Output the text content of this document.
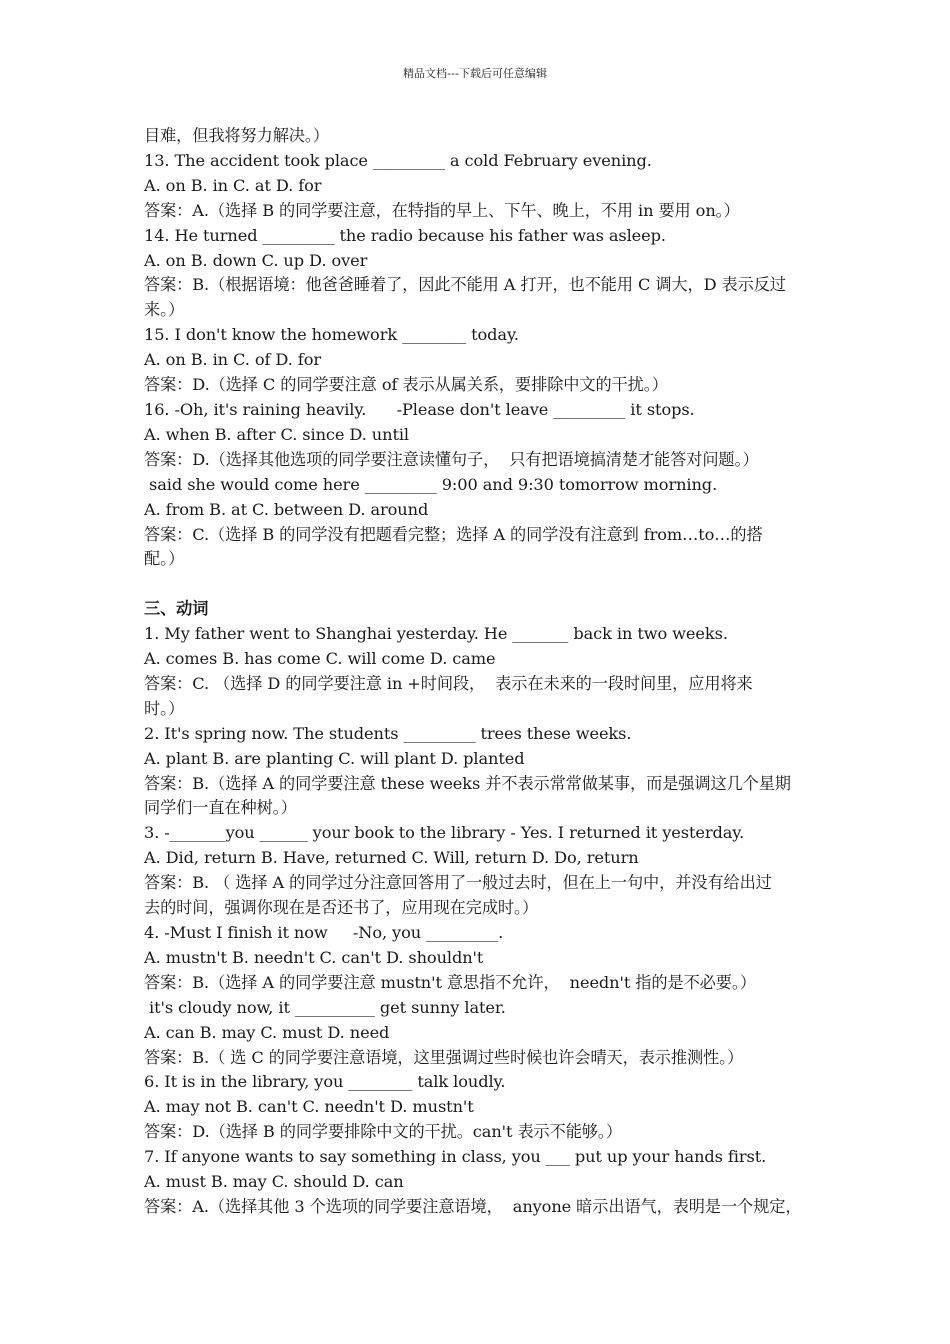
精品文档---下载后可任意编辑
目难，但我将努力解决。）
13. The accident took place _________ a cold February evening.
A. on B. in C. at D. for
答案：A.（选择 B 的同学要注意，在特指的早上、下午、晚上，不用 in 要用 on。）
14. He turned _________ the radio because his father was asleep.
A. on B. down C. up D. over
答案：B.（根据语境：他爸爸睡着了，因此不能用 A 打开，也不能用 C 调大，D 表示反过
来。）
15. I don't know the homework ________ today.
A. on B. in C. of D. for
答案：D.（选择 C 的同学要注意 of 表示从属关系，要排除中文的干扰。）
16. -Oh, it's raining heavily.      -Please don't leave _________ it stops.
A. when B. after C. since D. until
答案：D.（选择其他选项的同学要注意读懂句子，  只有把语境搞清楚才能答对问题。）
said she would come here _________ 9:00 and 9:30 tomorrow morning.
A. from B. at C. between D. around
答案：C.（选择 B 的同学没有把题看完整；选择 A 的同学没有注意到 from…to…的搭
配。）
三、动词
1. My father went to Shanghai yesterday. He _______ back in two weeks.
A. comes B. has come C. will come D. came
答案：C. （选择 D 的同学要注意 in +时间段，  表示在未来的一段时间里，应用将来
时。）
2. It's spring now. The students _________ trees these weeks.
A. plant B. are planting C. will plant D. planted
答案：B.（选择 A 的同学要注意 these weeks 并不表示常常做某事，而是强调这几个星期
同学们一直在种树。）
3. -_______you ______ your book to the library - Yes. I returned it yesterday.
A. Did, return B. Have, returned C. Will, return D. Do, return
答案：B. （ 选择 A 的同学过分注意回答用了一般过去时，但在上一句中，并没有给出过
去的时间，强调你现在是否还书了，应用现在完成时。）
4. -Must I finish it now     -No, you _________.
A. mustn't B. needn't C. can't D. shouldn't
答案：B.（选择 A 的同学要注意 mustn't 意思指不允许，  needn't 指的是不必要。）
it's cloudy now, it __________ get sunny later.
A. can B. may C. must D. need
答案：B.（ 选 C 的同学要注意语境，这里强调过些时候也许会晴天，表示推测性。）
6. It is in the library, you ________ talk loudly.
A. may not B. can't C. needn't D. mustn't
答案：D.（选择 B 的同学要排除中文的干扰。can't 表示不能够。）
7. If anyone wants to say something in class, you ___ put up your hands first.
A. must B. may C. should D. can
答案：A.（选择其他 3 个选项的同学要注意语境，  anyone 暗示出语气，表明是一个规定，
